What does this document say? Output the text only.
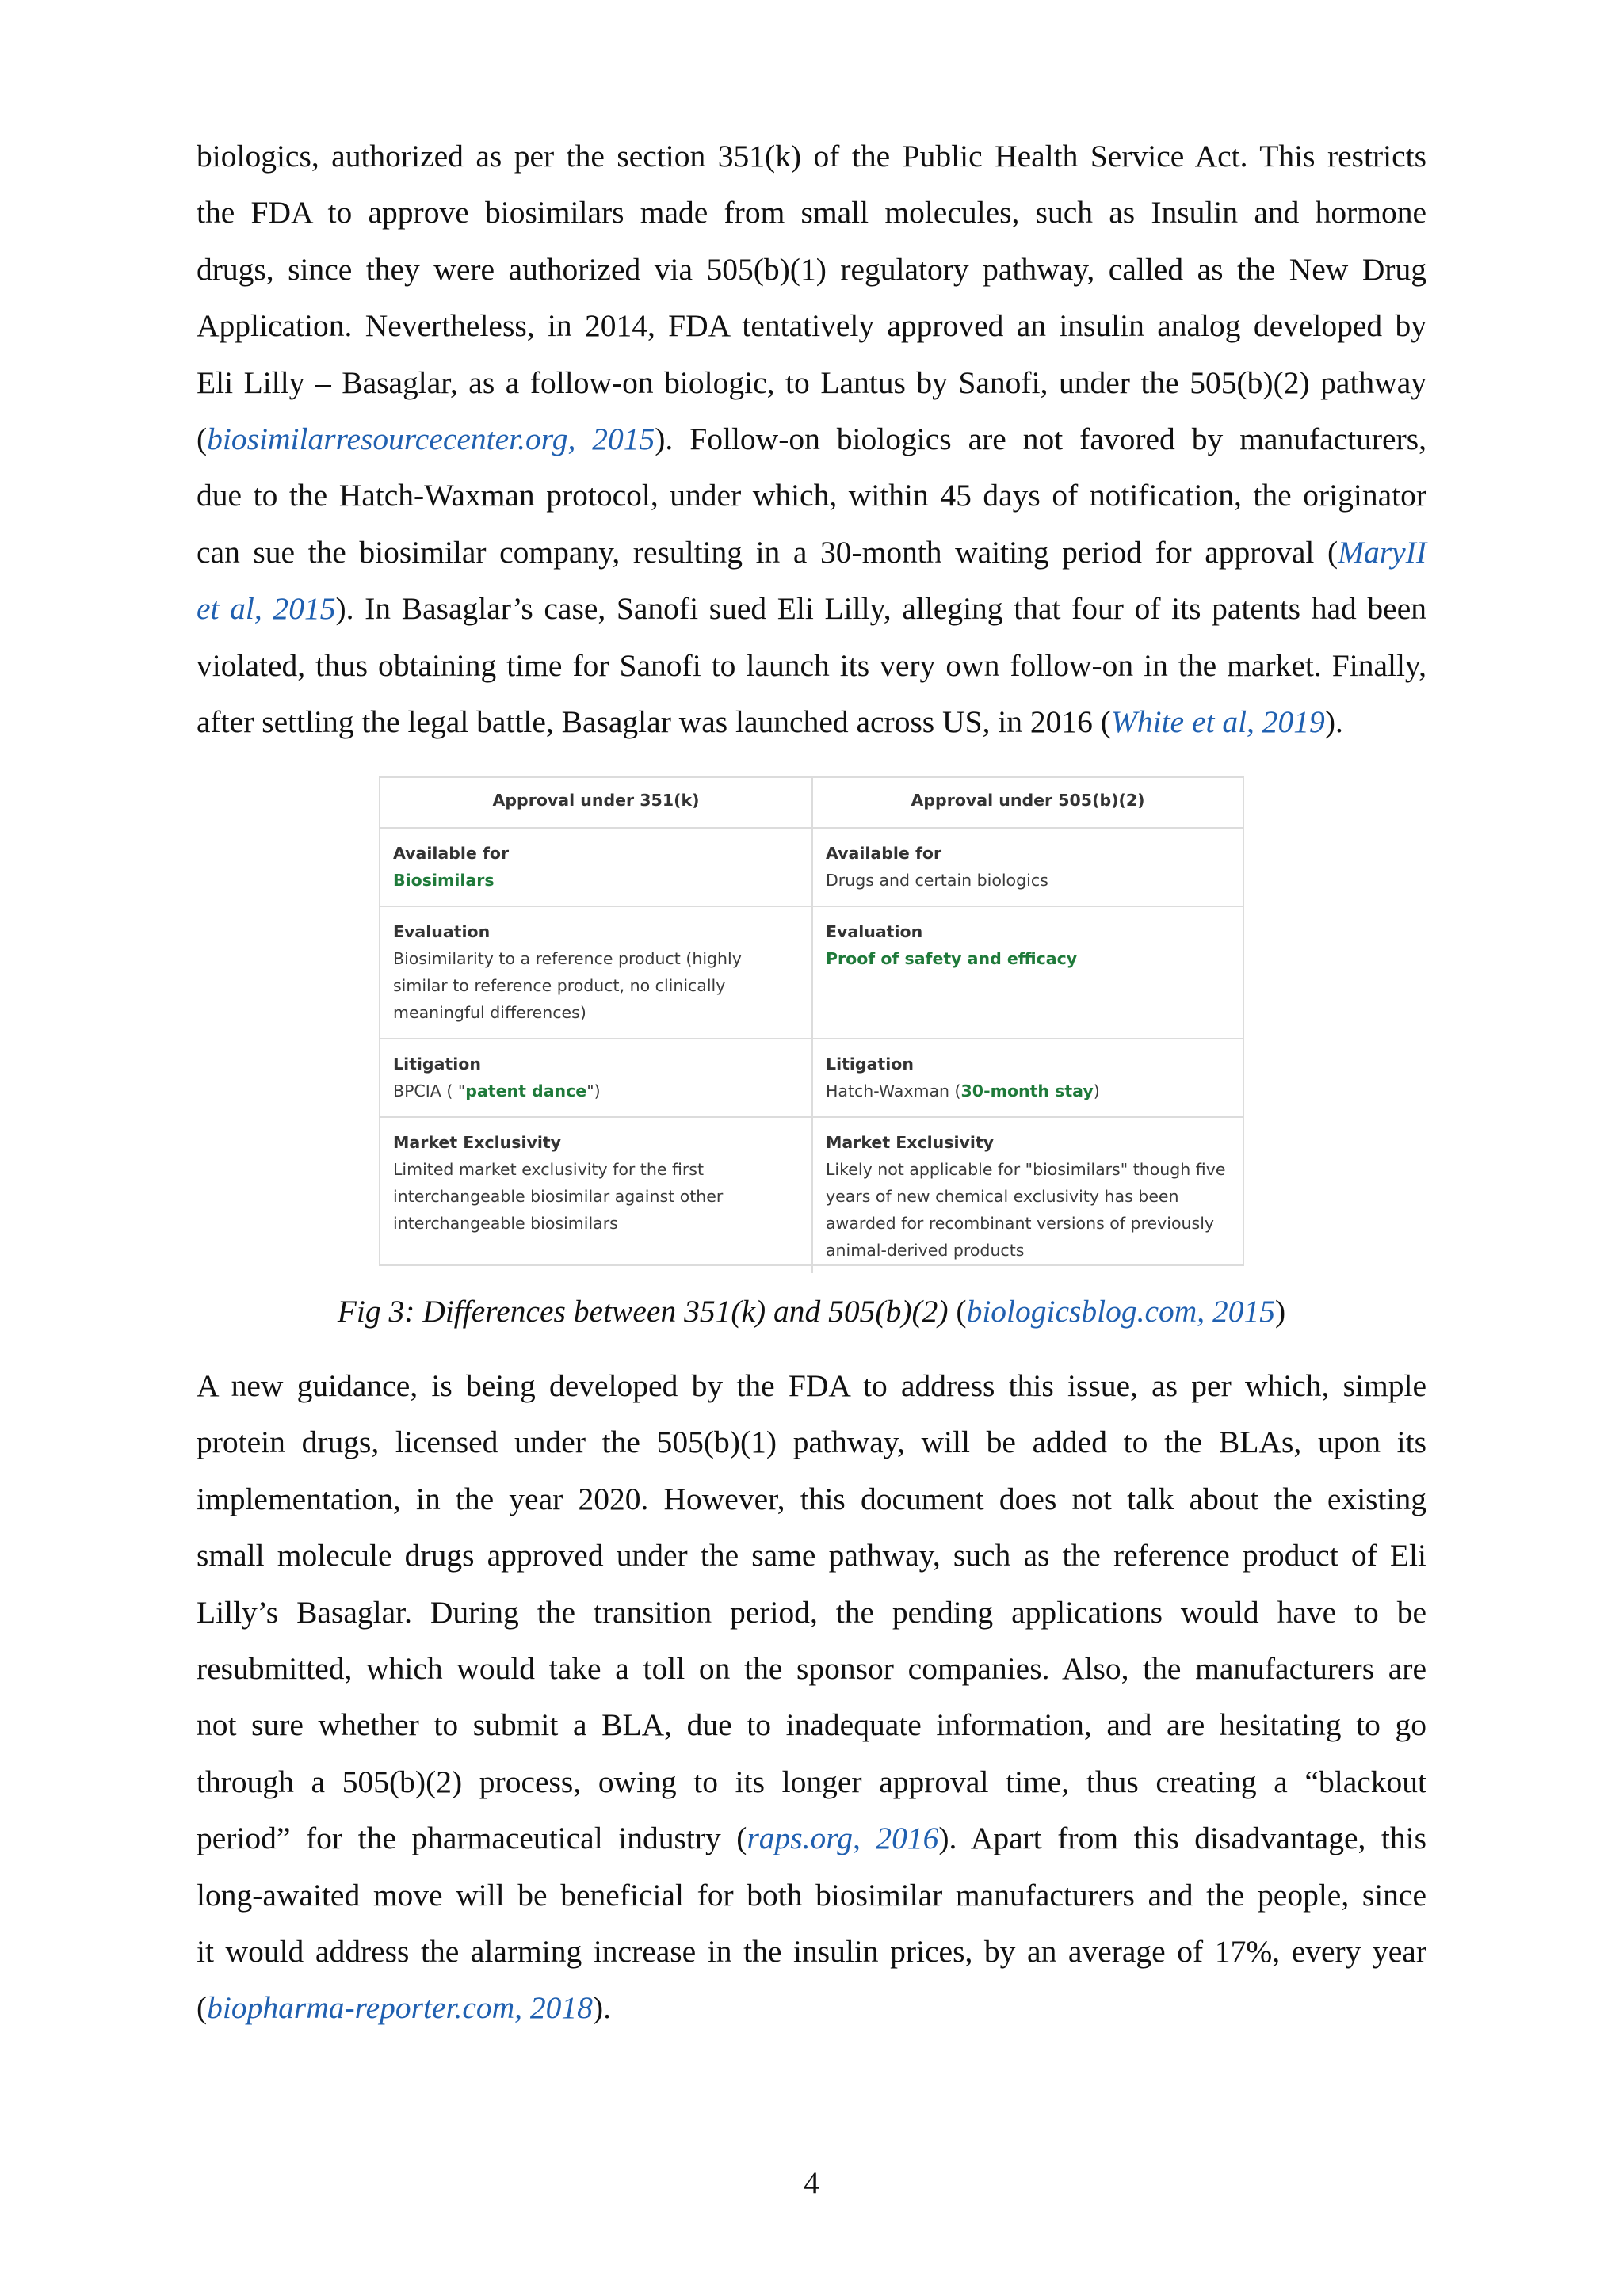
biologics, authorized as per the section 351(k) of the Public Health Service Act. This restricts
the FDA to approve biosimilars made from small molecules, such as Insulin and hormone
drugs, since they were authorized via 505(b)(1) regulatory pathway, called as the New Drug
Application. Nevertheless, in 2014, FDA tentatively approved an insulin analog developed by
Eli Lilly – Basaglar, as a follow-on biologic, to Lantus by Sanofi, under the 505(b)(2) pathway
(biosimilarresourcecenter.org, 2015). Follow-on biologics are not favored by manufacturers,
due to the Hatch-Waxman protocol, under which, within 45 days of notification, the originator
can sue the biosimilar company, resulting in a 30-month waiting period for approval (MaryII
et al, 2015). In Basaglar’s case, Sanofi sued Eli Lilly, alleging that four of its patents had been
violated, thus obtaining time for Sanofi to launch its very own follow-on in the market. Finally,
after settling the legal battle, Basaglar was launched across US, in 2016 (White et al, 2019).

Approval under 351(k)	Approval under 505(b)(2)
Available for
Biosimilars
Available for
Drugs and certain biologics
Evaluation
Biosimilarity to a reference product (highly similar to reference product, no clinically meaningful differences)
Evaluation
Proof of safety and efficacy
Litigation
BPCIA ( "patent dance")
Litigation
Hatch-Waxman (30-month stay)
Market Exclusivity
Limited market exclusivity for the first interchangeable biosimilar against other interchangeable biosimilars
Market Exclusivity
Likely not applicable for "biosimilars" though five years of new chemical exclusivity has been awarded for recombinant versions of previously animal-derived products
Fig 3: Differences between 351(k) and 505(b)(2) (biologicsblog.com, 2015)

A new guidance, is being developed by the FDA to address this issue, as per which, simple
protein drugs, licensed under the 505(b)(1) pathway, will be added to the BLAs, upon its
implementation, in the year 2020. However, this document does not talk about the existing
small molecule drugs approved under the same pathway, such as the reference product of Eli
Lilly’s Basaglar. During the transition period, the pending applications would have to be
resubmitted, which would take a toll on the sponsor companies. Also, the manufacturers are
not sure whether to submit a BLA, due to inadequate information, and are hesitating to go
through a 505(b)(2) process, owing to its longer approval time, thus creating a “blackout
period” for the pharmaceutical industry (raps.org, 2016). Apart from this disadvantage, this
long-awaited move will be beneficial for both biosimilar manufacturers and the people, since
it would address the alarming increase in the insulin prices, by an average of 17%, every year
(biopharma-reporter.com, 2018).

4
